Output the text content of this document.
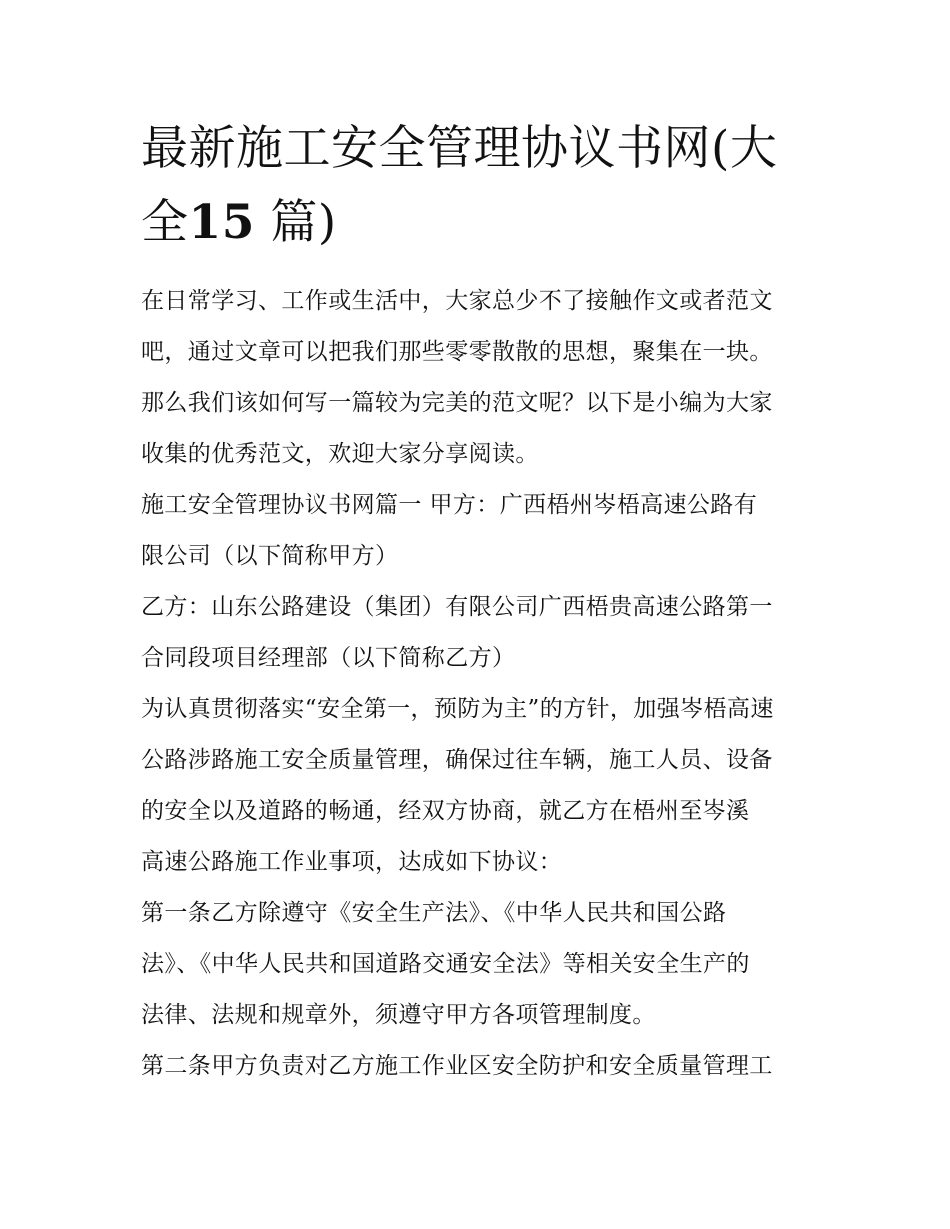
最新施工安全管理协议书网(大
全15 篇)

在日常学习、工作或生活中，大家总少不了接触作文或者范文
吧，通过文章可以把我们那些零零散散的思想，聚集在一块。
那么我们该如何写一篇较为完美的范文呢？以下是小编为大家
收集的优秀范文，欢迎大家分享阅读。

施工安全管理协议书网篇一 甲方：广西梧州岑梧高速公路有
限公司（以下简称甲方）

乙方：山东公路建设（集团）有限公司广西梧贵高速公路第一
合同段项目经理部（以下简称乙方）

为认真贯彻落实“安全第一，预防为主”的方针，加强岑梧高速
公路涉路施工安全质量管理，确保过往车辆，施工人员、设备
的安全以及道路的畅通，经双方协商，就乙方在梧州至岑溪
高速公路施工作业事项，达成如下协议：

第一条乙方除遵守《安全生产法》、《中华人民共和国公路
法》、《中华人民共和国道路交通安全法》等相关安全生产的
法律、法规和规章外，须遵守甲方各项管理制度。

第二条甲方负责对乙方施工作业区安全防护和安全质量管理工
